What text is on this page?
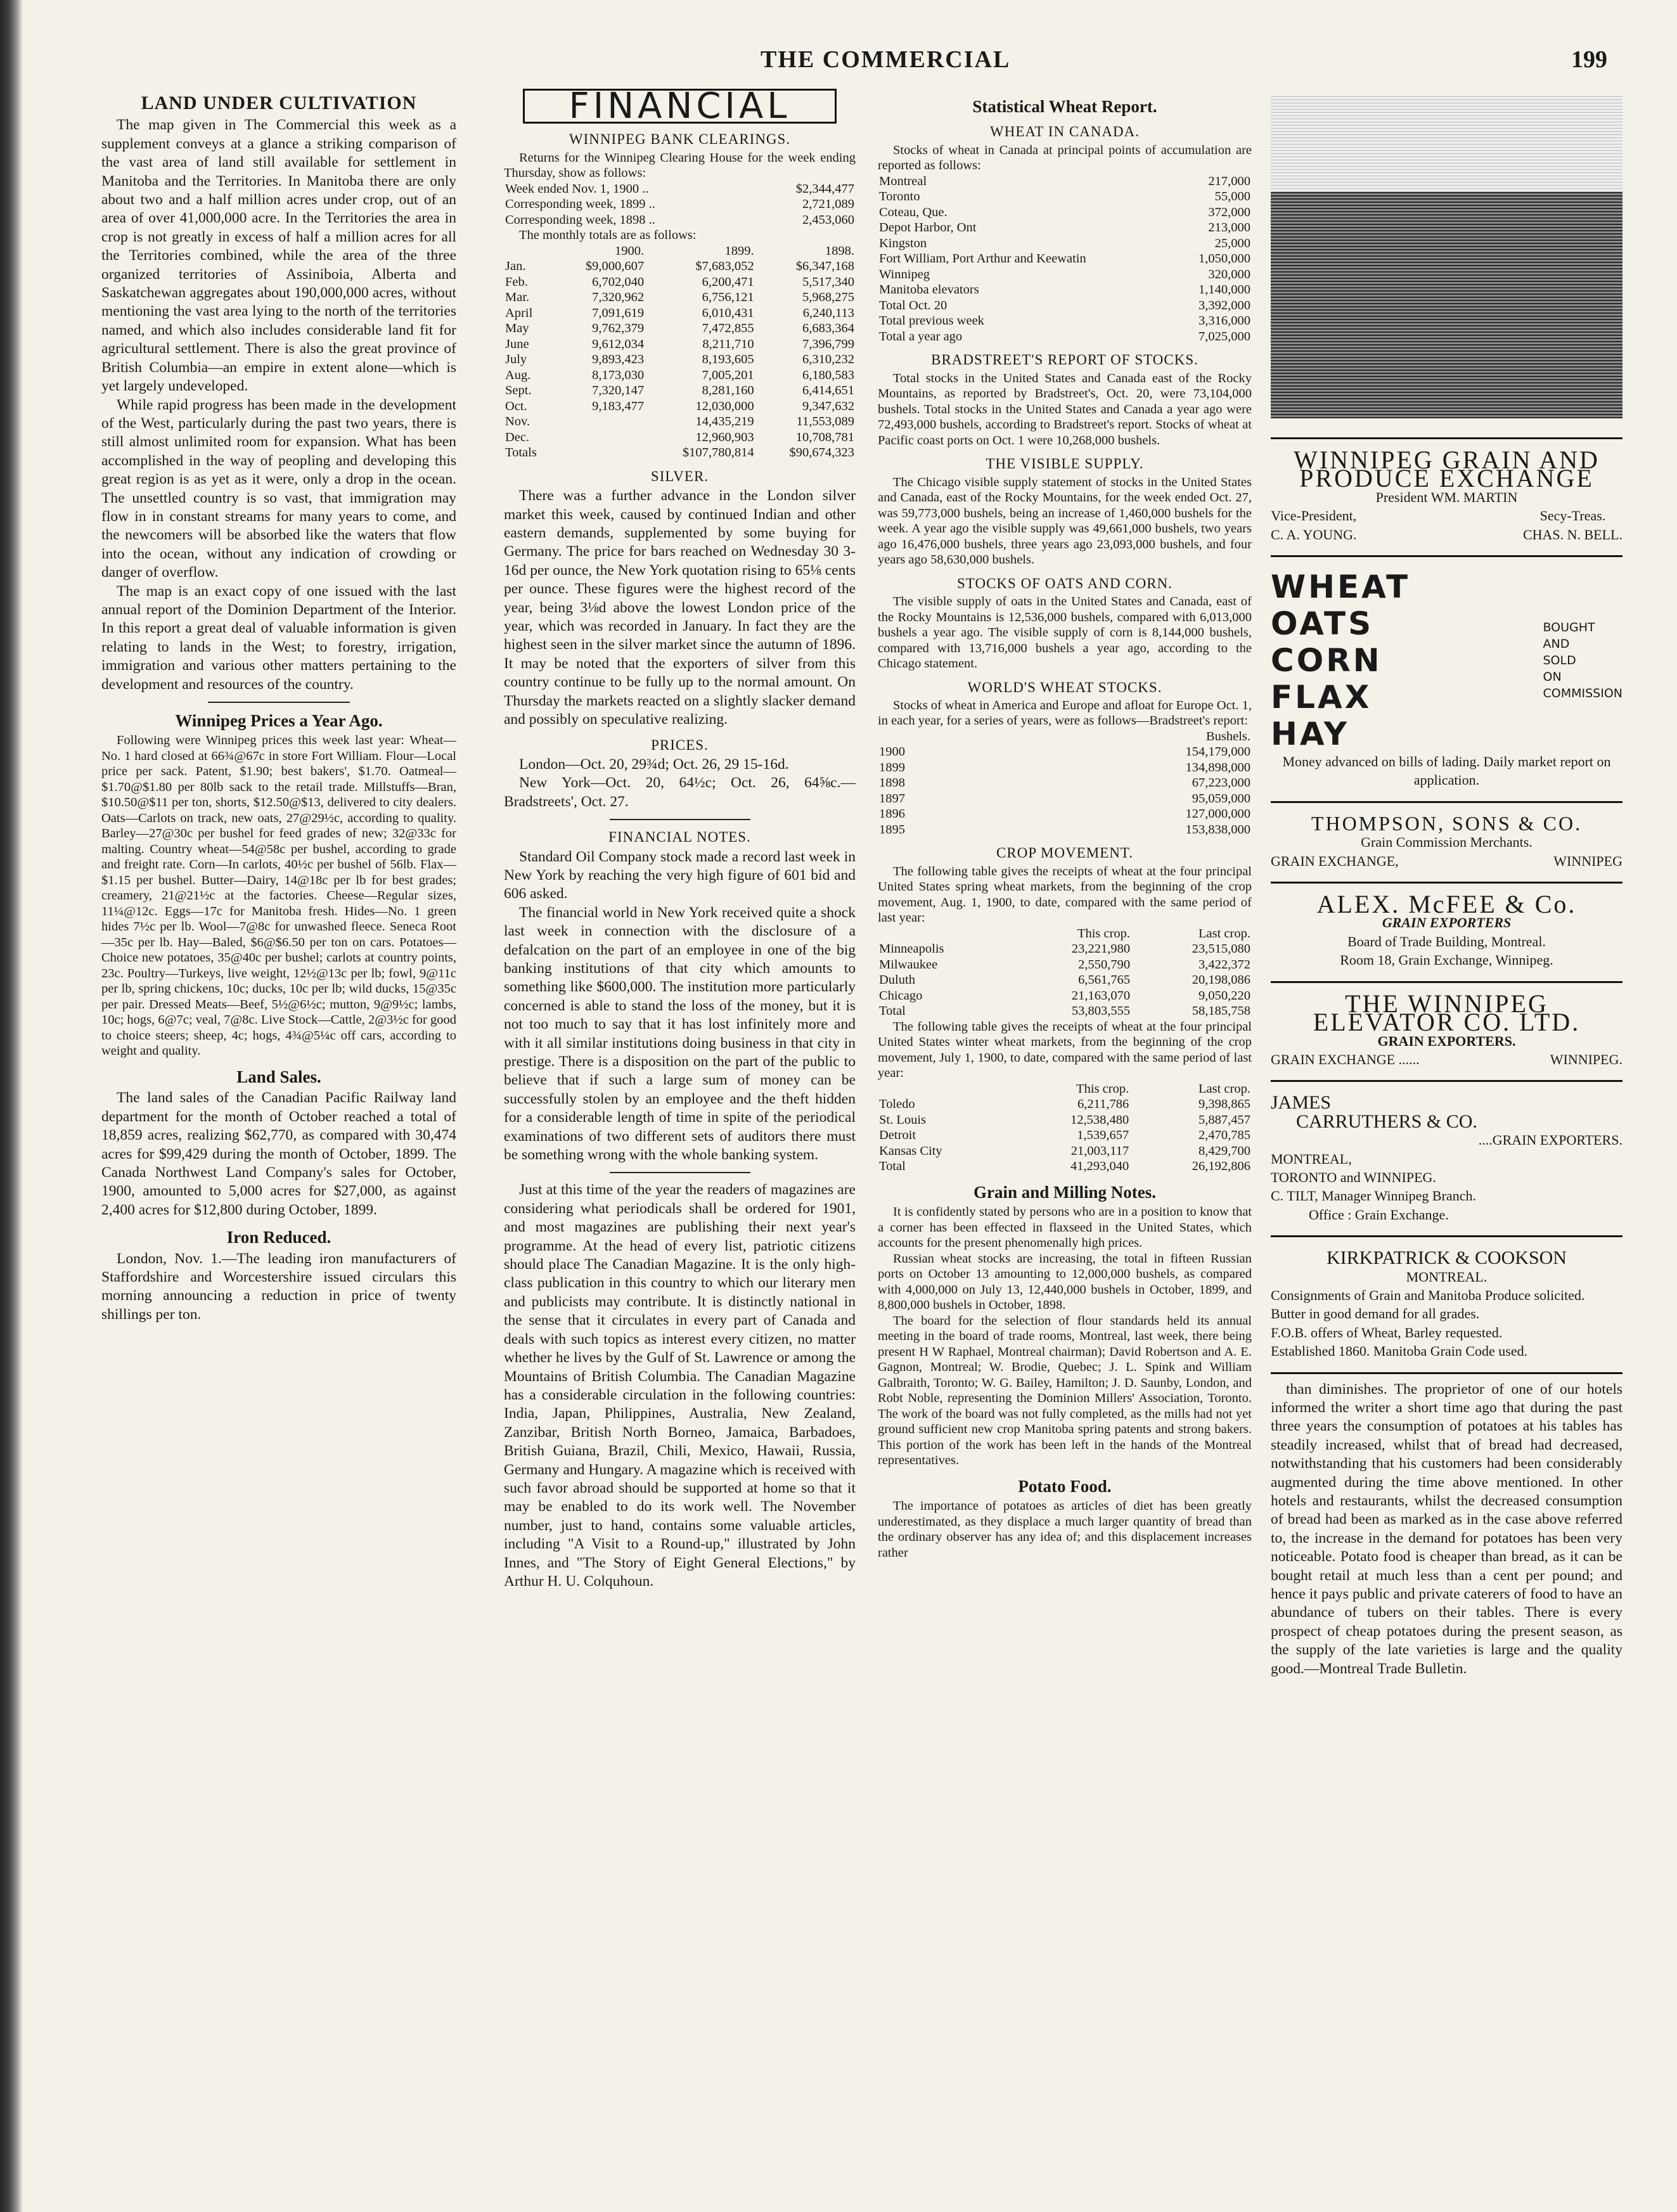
THE COMMERCIAL	199
LAND UNDER CULTIVATION

The map given in The Commercial this week as a supplement conveys at a glance a striking comparison of the vast area of land still available for settlement in Manitoba and the Territories. In Manitoba there are only about two and a half million acres under crop, out of an area of over 41,000,000 acre. In the Territories the area in crop is not greatly in excess of half a million acres for all the Territories combined, while the area of the three organized territories of Assiniboia, Alberta and Saskatchewan aggregates about 190,000,000 acres, without mentioning the vast area lying to the north of the territories named, and which also includes considerable land fit for agricultural settlement. There is also the great province of British Columbia—an empire in extent alone—which is yet largely undeveloped.

While rapid progress has been made in the development of the West, particularly during the past two years, there is still almost unlimited room for expansion. What has been accomplished in the way of peopling and developing this great region is as yet as it were, only a drop in the ocean. The unsettled country is so vast, that immigration may flow in in constant streams for many years to come, and the newcomers will be absorbed like the waters that flow into the ocean, without any indication of crowding or danger of overflow.

The map is an exact copy of one issued with the last annual report of the Dominion Department of the Interior. In this report a great deal of valuable information is given relating to lands in the West; to forestry, irrigation, immigration and various other matters pertaining to the development and resources of the country.

Winnipeg Prices a Year Ago.

Following were Winnipeg prices this week last year: Wheat—No. 1 hard closed at 66¾@67c in store Fort William. Flour—Local price per sack. Patent, $1.90; best bakers', $1.70. Oatmeal—$1.70@$1.80 per 80lb sack to the retail trade. Millstuffs—Bran, $10.50@$11 per ton, shorts, $12.50@$13, delivered to city dealers. Oats—Carlots on track, new oats, 27@29½c, according to quality. Barley—27@30c per bushel for feed grades of new; 32@33c for malting. Country wheat—54@58c per bushel, according to grade and freight rate. Corn—In carlots, 40½c per bushel of 56lb. Flax—$1.15 per bushel. Butter—Dairy, 14@18c per lb for best grades; creamery, 21@21½c at the factories. Cheese—Regular sizes, 11¼@12c. Eggs—17c for Manitoba fresh. Hides—No. 1 green hides 7½c per lb. Wool—7@8c for unwashed fleece. Seneca Root—35c per lb. Hay—Baled, $6@$6.50 per ton on cars. Potatoes—Choice new potatoes, 35@40c per bushel; carlots at country points, 23c. Poultry—Turkeys, live weight, 12½@13c per lb; fowl, 9@11c per lb, spring chickens, 10c; ducks, 10c per lb; wild ducks, 15@35c per pair. Dressed Meats—Beef, 5½@6½c; mutton, 9@9½c; lambs, 10c; hogs, 6@7c; veal, 7@8c. Live Stock—Cattle, 2@3½c for good to choice steers; sheep, 4c; hogs, 4¾@5¼c off cars, according to weight and quality.

Land Sales.

The land sales of the Canadian Pacific Railway land department for the month of October reached a total of 18,859 acres, realizing $62,770, as compared with 30,474 acres for $99,429 during the month of October, 1899. The Canada Northwest Land Company's sales for October, 1900, amounted to 5,000 acres for $27,000, as against 2,400 acres for $12,800 during October, 1899.

Iron Reduced.

London, Nov. 1.—The leading iron manufacturers of Staffordshire and Worcestershire issued circulars this morning announcing a reduction in price of twenty shillings per ton.

FINANCIAL
WINNIPEG BANK CLEARINGS.

Returns for the Winnipeg Clearing House for the week ending Thursday, show as follows:

Week ended Nov. 1, 1900 ..	$2,344,477
Corresponding week, 1899 ..	2,721,089
Corresponding week, 1898 ..	2,453,060

The monthly totals are as follows:

	1900.	1899.	1898.
Jan.	$9,000,607	$7,683,052	$6,347,168
Feb.	6,702,040	6,200,471	5,517,340
Mar.	7,320,962	6,756,121	5,968,275
April	7,091,619	6,010,431	6,240,113
May	9,762,379	7,472,855	6,683,364
June	9,612,034	8,211,710	7,396,799
July	9,893,423	8,193,605	6,310,232
Aug.	8,173,030	7,005,201	6,180,583
Sept.	7,320,147	8,281,160	6,414,651
Oct.	9,183,477	12,030,000	9,347,632
Nov.		14,435,219	11,553,089
Dec.		12,960,903	10,708,781
Totals		$107,780,814	$90,674,323
SILVER.

There was a further advance in the London silver market this week, caused by continued Indian and other eastern demands, supplemented by some buying for Germany. The price for bars reached on Wednesday 30 3-16d per ounce, the New York quotation rising to 65⅛ cents per ounce. These figures were the highest record of the year, being 3⅛d above the lowest London price of the year, which was recorded in January. In fact they are the highest seen in the silver market since the autumn of 1896. It may be noted that the exporters of silver from this country continue to be fully up to the normal amount. On Thursday the markets reacted on a slightly slacker demand and possibly on speculative realizing.

PRICES.

London—Oct. 20, 29¾d; Oct. 26, 29 15-16d.

New York—Oct. 20, 64½c; Oct. 26, 64⅝c.—Bradstreets', Oct. 27.

FINANCIAL NOTES.

Standard Oil Company stock made a record last week in New York by reaching the very high figure of 601 bid and 606 asked.

The financial world in New York received quite a shock last week in connection with the disclosure of a defalcation on the part of an employee in one of the big banking institutions of that city which amounts to something like $600,000. The institution more particularly concerned is able to stand the loss of the money, but it is not too much to say that it has lost infinitely more and with it all similar institutions doing business in that city in prestige. There is a disposition on the part of the public to believe that if such a large sum of money can be successfully stolen by an employee and the theft hidden for a considerable length of time in spite of the periodical examinations of two different sets of auditors there must be something wrong with the whole banking system.

Just at this time of the year the readers of magazines are considering what periodicals shall be ordered for 1901, and most magazines are publishing their next year's programme. At the head of every list, patriotic citizens should place The Canadian Magazine. It is the only high-class publication in this country to which our literary men and publicists may contribute. It is distinctly national in the sense that it circulates in every part of Canada and deals with such topics as interest every citizen, no matter whether he lives by the Gulf of St. Lawrence or among the Mountains of British Columbia. The Canadian Magazine has a considerable circulation in the following countries: India, Japan, Philippines, Australia, New Zealand, Zanzibar, British North Borneo, Jamaica, Barbadoes, British Guiana, Brazil, Chili, Mexico, Hawaii, Russia, Germany and Hungary. A magazine which is received with such favor abroad should be supported at home so that it may be enabled to do its work well. The November number, just to hand, contains some valuable articles, including "A Visit to a Round-up," illustrated by John Innes, and "The Story of Eight General Elections," by Arthur H. U. Colquhoun.

Statistical Wheat Report.
WHEAT IN CANADA.

Stocks of wheat in Canada at principal points of accumulation are reported as follows:

Montreal	217,000
Toronto	55,000
Coteau, Que.	372,000
Depot Harbor, Ont	213,000
Kingston	25,000
Fort William, Port Arthur and Keewatin	1,050,000
Winnipeg	320,000
Manitoba elevators	1,140,000
Total Oct. 20	3,392,000
Total previous week	3,316,000
Total a year ago	7,025,000
BRADSTREET'S REPORT OF STOCKS.

Total stocks in the United States and Canada east of the Rocky Mountains, as reported by Bradstreet's, Oct. 20, were 73,104,000 bushels. Total stocks in the United States and Canada a year ago were 72,493,000 bushels, according to Bradstreet's report. Stocks of wheat at Pacific coast ports on Oct. 1 were 10,268,000 bushels.

THE VISIBLE SUPPLY.

The Chicago visible supply statement of stocks in the United States and Canada, east of the Rocky Mountains, for the week ended Oct. 27, was 59,773,000 bushels, being an increase of 1,460,000 bushels for the week. A year ago the visible supply was 49,661,000 bushels, two years ago 16,476,000 bushels, three years ago 23,093,000 bushels, and four years ago 58,630,000 bushels.

STOCKS OF OATS AND CORN.

The visible supply of oats in the United States and Canada, east of the Rocky Mountains is 12,536,000 bushels, compared with 6,013,000 bushels a year ago. The visible supply of corn is 8,144,000 bushels, compared with 13,716,000 bushels a year ago, according to the Chicago statement.

WORLD'S WHEAT STOCKS.

Stocks of wheat in America and Europe and afloat for Europe Oct. 1, in each year, for a series of years, were as follows—Bradstreet's report:

	Bushels.
1900	154,179,000
1899	134,898,000
1898	67,223,000
1897	95,059,000
1896	127,000,000
1895	153,838,000
CROP MOVEMENT.

The following table gives the receipts of wheat at the four principal United States spring wheat markets, from the beginning of the crop movement, Aug. 1, 1900, to date, compared with the same period of last year:

	This crop.	Last crop.
Minneapolis	23,221,980	23,515,080
Milwaukee	2,550,790	3,422,372
Duluth	6,561,765	20,198,086
Chicago	21,163,070	9,050,220
Total	53,803,555	58,185,758

The following table gives the receipts of wheat at the four principal United States winter wheat markets, from the beginning of the crop movement, July 1, 1900, to date, compared with the same period of last year:

	This crop.	Last crop.
Toledo	6,211,786	9,398,865
St. Louis	12,538,480	5,887,457
Detroit	1,539,657	2,470,785
Kansas City	21,003,117	8,429,700
Total	41,293,040	26,192,806
Grain and Milling Notes.

It is confidently stated by persons who are in a position to know that a corner has been effected in flaxseed in the United States, which accounts for the present phenomenally high prices.

Russian wheat stocks are increasing, the total in fifteen Russian ports on October 13 amounting to 12,000,000 bushels, as compared with 4,000,000 on July 13, 12,440,000 bushels in October, 1899, and 8,800,000 bushels in October, 1898.

The board for the selection of flour standards held its annual meeting in the board of trade rooms, Montreal, last week, there being present H W Raphael, Montreal chairman); David Robertson and A. E. Gagnon, Montreal; W. Brodie, Quebec; J. L. Spink and William Galbraith, Toronto; W. G. Bailey, Hamilton; J. D. Saunby, London, and Robt Noble, representing the Dominion Millers' Association, Toronto. The work of the board was not fully completed, as the mills had not yet ground sufficient new crop Manitoba spring patents and strong bakers. This portion of the work has been left in the hands of the Montreal representatives.

Potato Food.

The importance of potatoes as articles of diet has been greatly underestimated, as they displace a much larger quantity of bread than the ordinary observer has any idea of; and this displacement increases rather

WINNIPEG GRAIN AND PRODUCE EXCHANGE
President WM. MARTIN
Vice-President,
C. A. YOUNG.
Secy-Treas.
CHAS. N. BELL.
WHEAT
OATS
CORN
FLAX
HAY
BOUGHT
AND
SOLD
ON
COMMISSION
Money advanced on bills of lading. Daily market report on application.
THOMPSON, SONS & CO.
Grain Commission Merchants.
GRAIN EXCHANGE,	WINNIPEG
ALEX. McFEE & Co.
GRAIN EXPORTERS
Board of Trade Building, Montreal.
Room 18, Grain Exchange, Winnipeg.
THE WINNIPEG ELEVATOR CO. LTD.
GRAIN EXPORTERS.
GRAIN EXCHANGE ......	WINNIPEG.
JAMES
CARRUTHERS & CO.
....GRAIN EXPORTERS.
MONTREAL,
TORONTO and WINNIPEG.
C. TILT, Manager Winnipeg Branch.
Office : Grain Exchange.
KIRKPATRICK & COOKSON
MONTREAL.
Consignments of Grain and Manitoba Produce solicited.
Butter in good demand for all grades.
F.O.B. offers of Wheat, Barley requested.
Established 1860. Manitoba Grain Code used.

than diminishes. The proprietor of one of our hotels informed the writer a short time ago that during the past three years the consumption of potatoes at his tables has steadily increased, whilst that of bread had decreased, notwithstanding that his customers had been considerably augmented during the time above mentioned. In other hotels and restaurants, whilst the decreased consumption of bread had been as marked as in the case above referred to, the increase in the demand for potatoes has been very noticeable. Potato food is cheaper than bread, as it can be bought retail at much less than a cent per pound; and hence it pays public and private caterers of food to have an abundance of tubers on their tables. There is every prospect of cheap potatoes during the present season, as the supply of the late varieties is large and the quality good.—Montreal Trade Bulletin.
